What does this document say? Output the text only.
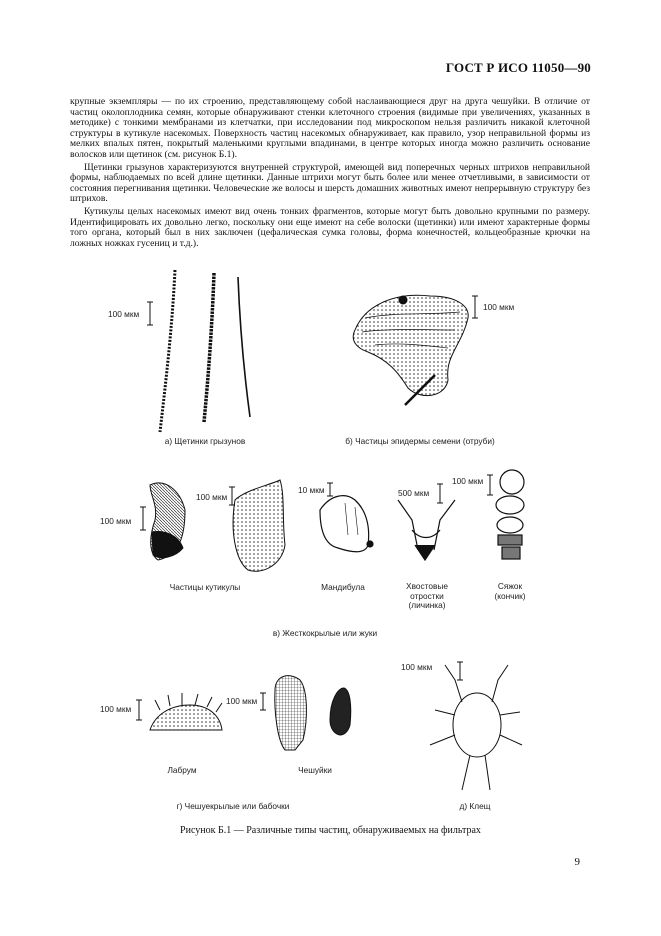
ГОСТ Р ИСО 11050—90

крупные экземпляры — по их строению, представляющему собой наслаивающиеся друг на друга чешуйки. В отличие от частиц околоплодника семян, которые обнаруживают стенки клеточного строения (видимые при увеличениях, указанных в методике) с тонкими мембранами из клетчатки, при исследовании под микроскопом нельзя различить никакой клеточной структуры в кутикуле насекомых. Поверхность частиц насекомых обнаруживает, как правило, узор неправильной формы из мелких впалых пятен, покрытый маленькими круглыми впадинами, в центре которых иногда можно различить основание волосков или щетинок (см. рисунок Б.1).

Щетинки грызунов характеризуются внутренней структурой, имеющей вид поперечных черных штрихов неправильной формы, наблюдаемых по всей длине щетинки. Данные штрихи могут быть более или менее отчетливыми, в зависимости от состояния перегнивания щетинки. Человеческие же волосы и шерсть домашних животных имеют непрерывную структуру без штрихов.

Кутикулы целых насекомых имеют вид очень тонких фрагментов, которые могут быть довольно крупными по размеру. Идентифицировать их довольно легко, поскольку они еще имеют на себе волоски (щетинки) или имеют характерные формы того органа, который был в них заключен (цефалическая сумка головы, форма конечностей, кольцеобразные крючки на ложных ножках гусениц и т.д.).

100 мкм
100 мкм
а) Щетинки грызунов	б) Частицы эпидермы семени (отруби)
100 мкм
10 мкм	500 мкм
100 мкм
100 мкм
Частицы кутикулы	Мандибула	Хвостовые
отростки
(личинка)
Сяжок
(кончик)
в) Жесткокрылые или жуки
100 мкм
100 мкм
100 мкм
Лабрум	Чешуйки
г) Чешуекрылые или бабочки	д) Клещ
Рисунок Б.1 — Различные типы частиц, обнаруживаемых на фильтрах
9
